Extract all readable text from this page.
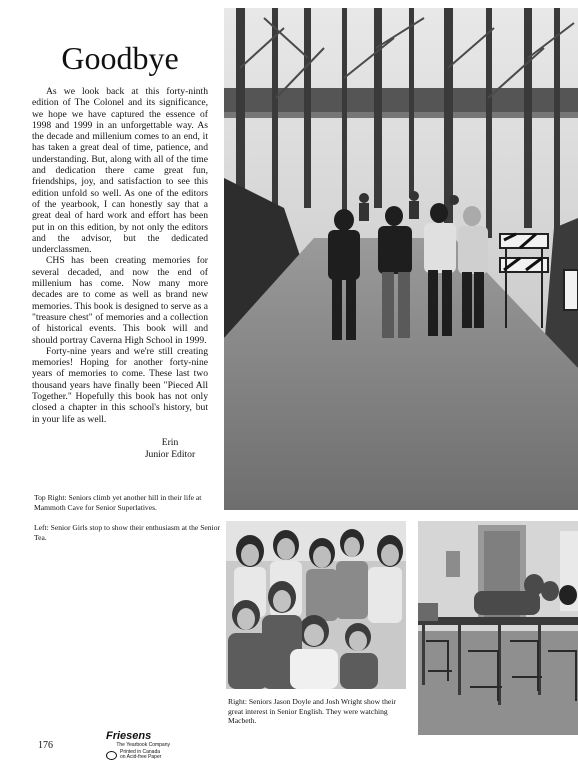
Goodbye

As we look back at this forty-ninth edition of The Colonel and its significance, we hope we have captured the essence of 1998 and 1999 in an unforgettable way. As the decade and millenium comes to an end, it has taken a great deal of time, patience, and understanding. But, along with all of the time and dedication there came great fun, friendships, joy, and satisfaction to see this edition unfold so well. As one of the editors of the yearbook, I can honestly say that a great deal of hard work and effort has been put in on this edition, by not only the editors and the advisor, but the dedicated underclassmen.

CHS has been creating memories for several decaded, and now the end of millenium has come. Now many more decades are to come as well as brand new memories. This book is designed to serve as a "treasure chest" of memories and a collection of historical events. This book will and should portray Caverna High School in 1999.

Forty-nine years and we're still creating memories! Hoping for another forty-nine years of memories to come. These last two thousand years have finally been "Pieced All Together." Hopefully this book has not only closed a chapter in this school's history, but in your life as well.

Erin
Junior Editor
Top Right: Seniors climb yet another hill in their life at Mammoth Cave for Senior Superlatives.
Left: Senior Girls stop to show their enthusiasm at the Senior Tea.
Right: Seniors Jason Doyle and Josh Wright show their great interest in Senior English. They were watching Macbeth.
176
Friesens
The Yearbook Company
Printed in Canada
on Acid-free Paper
